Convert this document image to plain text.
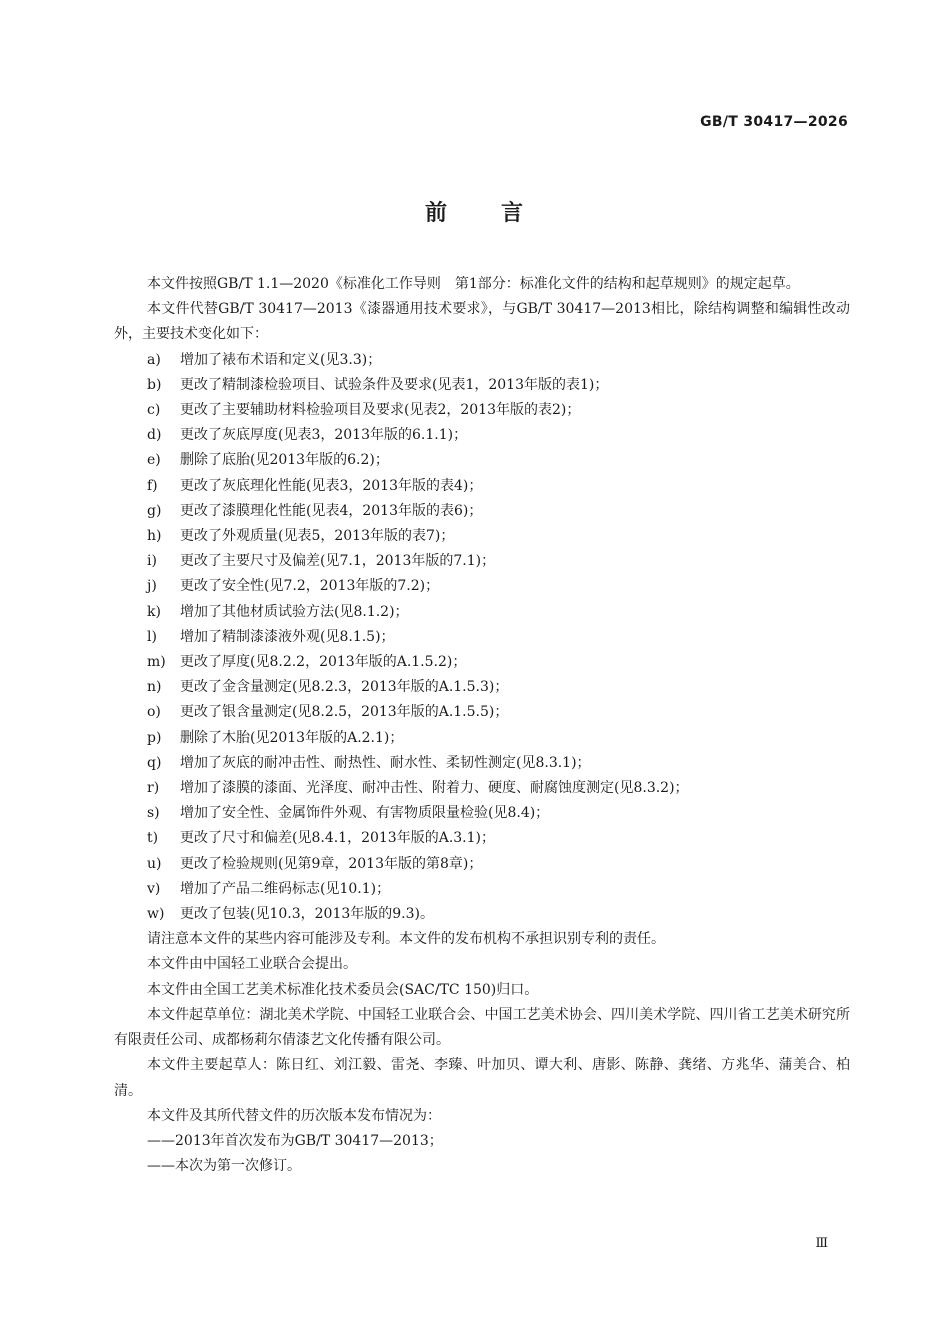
GB/T 30417—2026
前 言

本文件按照GB/T 1.1—2020《标准化工作导则　第1部分：标准化文件的结构和起草规则》的规定起草。

本文件代替GB/T 30417—2013《漆器通用技术要求》，与GB/T 30417—2013相比，除结构调整和编辑性改动外，主要技术变化如下：

a)	增加了裱布术语和定义(见3.3)；
b)	更改了精制漆检验项目、试验条件及要求(见表1，2013年版的表1)；
c)	更改了主要辅助材料检验项目及要求(见表2，2013年版的表2)；
d)	更改了灰底厚度(见表3，2013年版的6.1.1)；
e)	删除了底胎(见2013年版的6.2)；
f)	更改了灰底理化性能(见表3，2013年版的表4)；
g)	更改了漆膜理化性能(见表4，2013年版的表6)；
h)	更改了外观质量(见表5，2013年版的表7)；
i)	更改了主要尺寸及偏差(见7.1，2013年版的7.1)；
j)	更改了安全性(见7.2，2013年版的7.2)；
k)	增加了其他材质试验方法(见8.1.2)；
l)	增加了精制漆漆液外观(见8.1.5)；
m)	更改了厚度(见8.2.2，2013年版的A.1.5.2)；
n)	更改了金含量测定(见8.2.3，2013年版的A.1.5.3)；
o)	更改了银含量测定(见8.2.5，2013年版的A.1.5.5)；
p)	删除了木胎(见2013年版的A.2.1)；
q)	增加了灰底的耐冲击性、耐热性、耐水性、柔韧性测定(见8.3.1)；
r)	增加了漆膜的漆面、光泽度、耐冲击性、附着力、硬度、耐腐蚀度测定(见8.3.2)；
s)	增加了安全性、金属饰件外观、有害物质限量检验(见8.4)；
t)	更改了尺寸和偏差(见8.4.1，2013年版的A.3.1)；
u)	更改了检验规则(见第9章，2013年版的第8章)；
v)	增加了产品二维码标志(见10.1)；
w)	更改了包装(见10.3，2013年版的9.3)。

请注意本文件的某些内容可能涉及专利。本文件的发布机构不承担识别专利的责任。

本文件由中国轻工业联合会提出。

本文件由全国工艺美术标准化技术委员会(SAC/TC 150)归口。

本文件起草单位：湖北美术学院、中国轻工业联合会、中国工艺美术协会、四川美术学院、四川省工艺美术研究所有限责任公司、成都杨莉尔倩漆艺文化传播有限公司。

本文件主要起草人：陈日红、刘江毅、雷尧、李臻、叶加贝、谭大利、唐影、陈静、龚绪、方兆华、蒲美合、柏清。

本文件及其所代替文件的历次版本发布情况为：

——2013年首次发布为GB/T 30417—2013；
——本次为第一次修订。
Ⅲ
